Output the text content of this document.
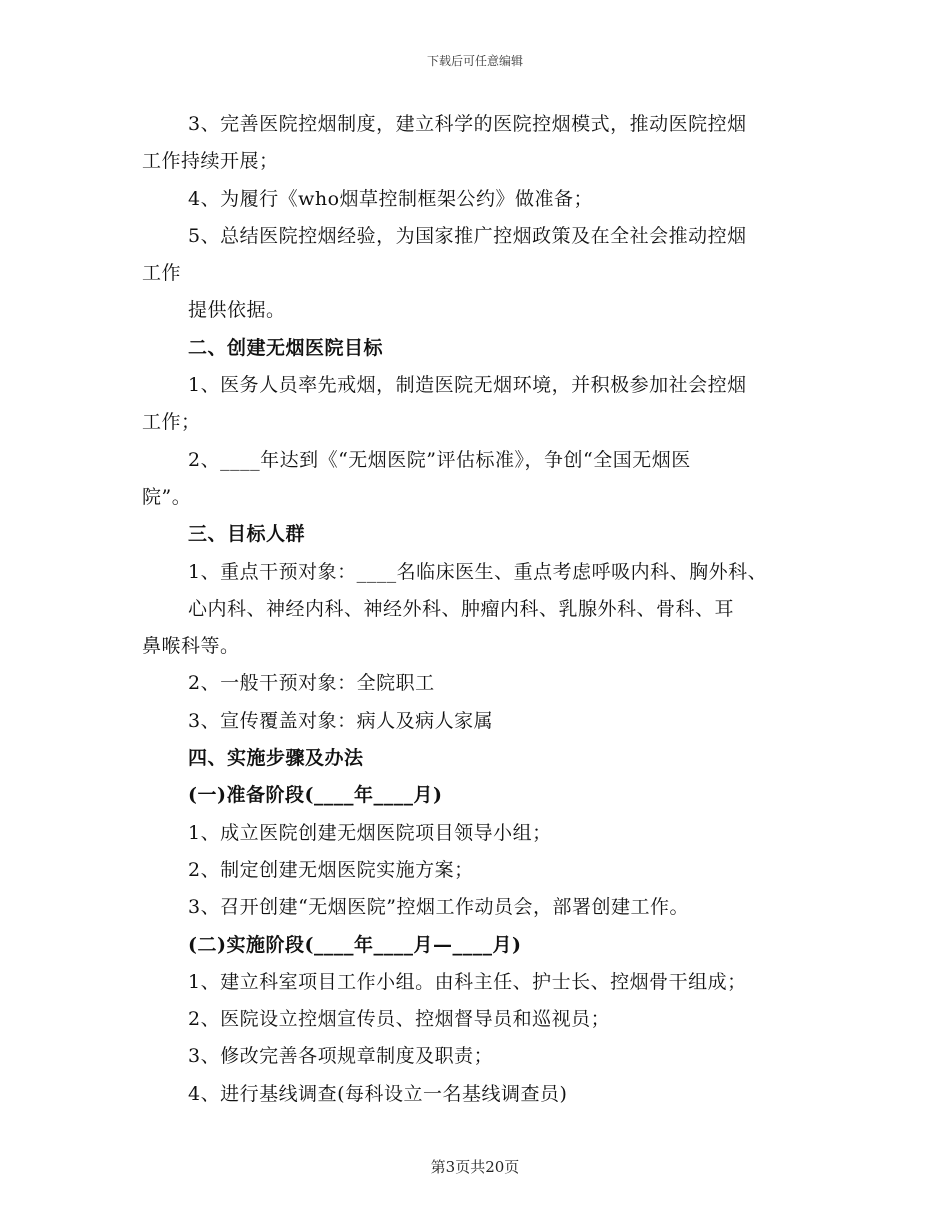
下载后可任意编辑
3、完善医院控烟制度，建立科学的医院控烟模式，推动医院控烟
工作持续开展；
4、为履行《who烟草控制框架公约》做准备；
5、总结医院控烟经验，为国家推广控烟政策及在全社会推动控烟
工作
提供依据。
二、创建无烟医院目标
1、医务人员率先戒烟，制造医院无烟环境，并积极参加社会控烟
工作；
2、____年达到《“无烟医院”评估标准》，争创“全国无烟医
院”。
三、目标人群
1、重点干预对象：____名临床医生、重点考虑呼吸内科、胸外科、
心内科、神经内科、神经外科、肿瘤内科、乳腺外科、骨科、耳
鼻喉科等。
2、一般干预对象：全院职工
3、宣传覆盖对象：病人及病人家属
四、实施步骤及办法
(一)准备阶段(____年____月)
1、成立医院创建无烟医院项目领导小组；
2、制定创建无烟医院实施方案；
3、召开创建“无烟医院”控烟工作动员会，部署创建工作。
(二)实施阶段(____年____月—____月)
1、建立科室项目工作小组。由科主任、护士长、控烟骨干组成；
2、医院设立控烟宣传员、控烟督导员和巡视员；
3、修改完善各项规章制度及职责；
4、进行基线调查(每科设立一名基线调查员)
第3页共20页
